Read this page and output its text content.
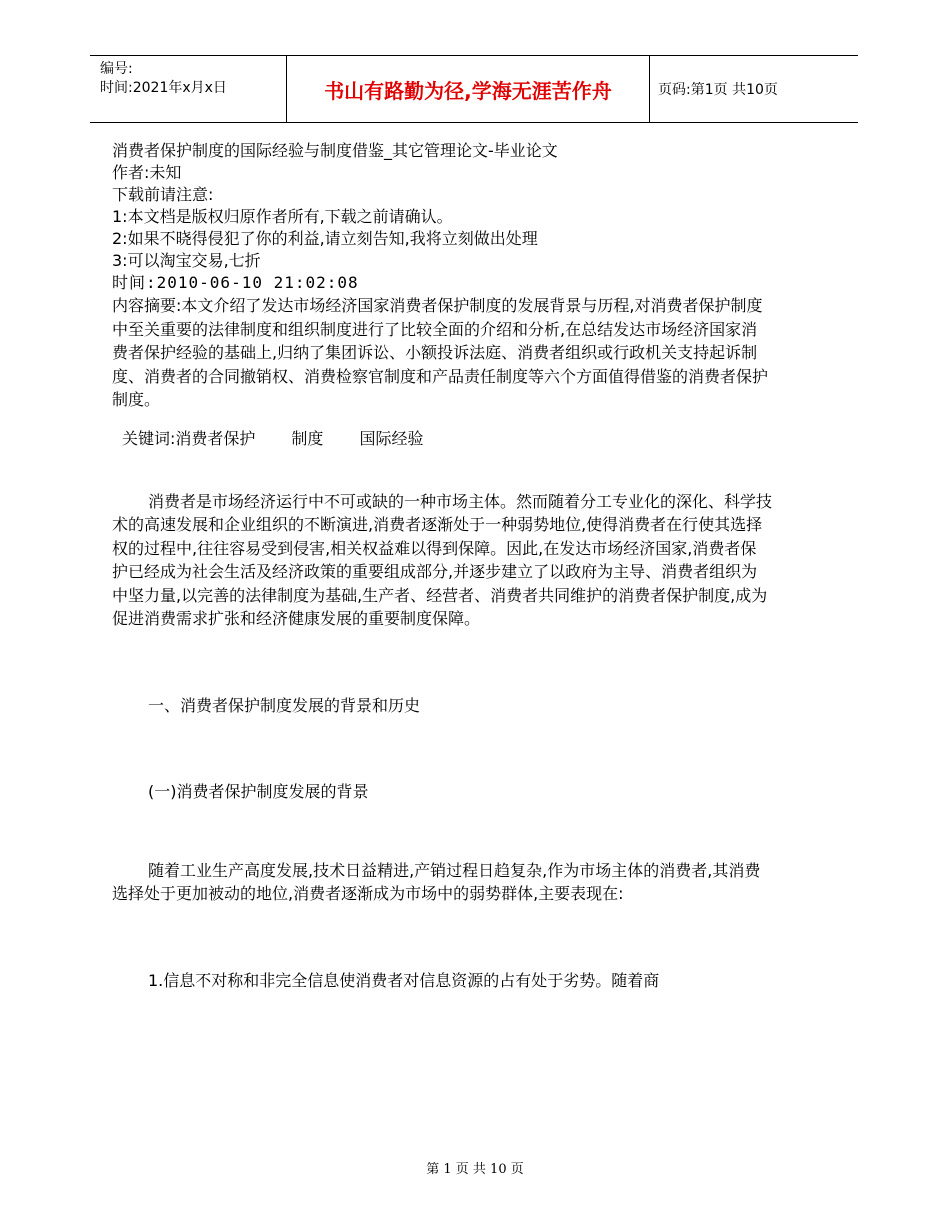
编号:
时间:2021年x月x日	书山有路勤为径,学海无涯苦作舟	页码:第1页 共10页
消费者保护制度的国际经验与制度借鉴_其它管理论文-毕业论文
作者:未知
下载前请注意:
1:本文档是版权归原作者所有,下载之前请确认。
2:如果不晓得侵犯了你的利益,请立刻告知,我将立刻做出处理
3:可以淘宝交易,七折
时间:2010-06-10 21:02:08
内容摘要:本文介绍了发达市场经济国家消费者保护制度的发展背景与历程,对消费者保护制度中至关重要的法律制度和组织制度进行了比较全面的介绍和分析,在总结发达市场经济国家消费者保护经验的基础上,归纳了集团诉讼、小额投诉法庭、消费者组织或行政机关支持起诉制度、消费者的合同撤销权、消费检察官制度和产品责任制度等六个方面值得借鉴的消费者保护制度。
关键词:消费者保护 制度 国际经验
消费者是市场经济运行中不可或缺的一种市场主体。然而随着分工专业化的深化、科学技术的高速发展和企业组织的不断演进,消费者逐渐处于一种弱势地位,使得消费者在行使其选择权的过程中,往往容易受到侵害,相关权益难以得到保障。因此,在发达市场经济国家,消费者保护已经成为社会生活及经济政策的重要组成部分,并逐步建立了以政府为主导、消费者组织为中坚力量,以完善的法律制度为基础,生产者、经营者、消费者共同维护的消费者保护制度,成为促进消费需求扩张和经济健康发展的重要制度保障。
一、消费者保护制度发展的背景和历史
(一)消费者保护制度发展的背景
随着工业生产高度发展,技术日益精进,产销过程日趋复杂,作为市场主体的消费者,其消费选择处于更加被动的地位,消费者逐渐成为市场中的弱势群体,主要表现在:
1.信息不对称和非完全信息使消费者对信息资源的占有处于劣势。随着商
第 1 页 共 10 页
